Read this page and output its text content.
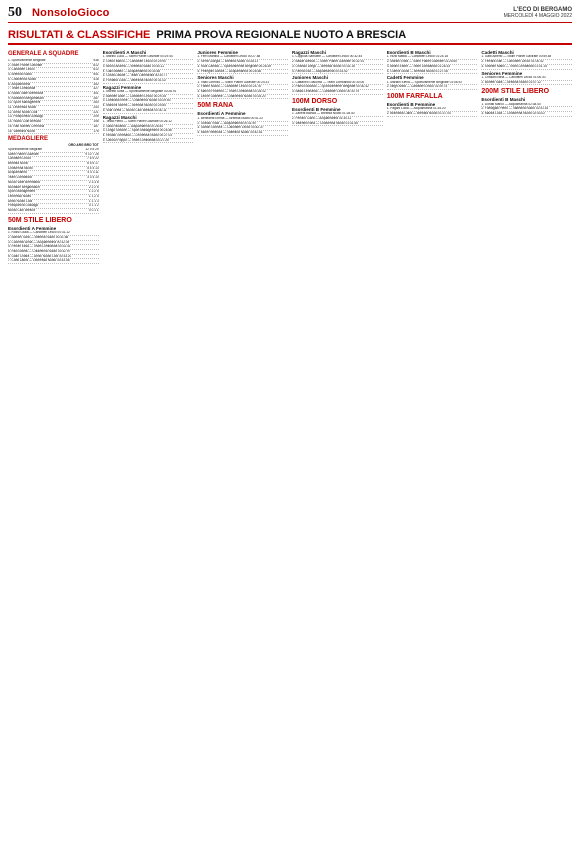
50 NonsoloGioco	L'ECO DI BERGAMO
MERCOLEDÌ 4 MAGGIO 2022
RISULTATI & CLASSIFICHE PRIMA PROVA REGIONALE NUOTO A BRESCIA
GENERALE A SQUADRE
1. Sportivamente Belgirate	938
2. Swim Planet Gavirate	812
3. Canottieri Lecco	612
4. Brebbia Nuoto	541
5. Chiavenna Nuoto	418
6. Acquamarina	352
7. Team Lombardia	327
8. Nuoto Valle Brembana	301
9. Nuotatori Bergamaschi	287
10. Sport Management	260
11. Leonessa Nuoto	244
12. Amici Nuoto Lodi	221
13. Polisportiva Gussago	209
14. Nuoto Club Brescia	198
15. Rari Nantes Cremona	187
16. Valtellina Nuoto	176
MEDAGLIERE
ORO ARG BRO TOT
Sportivamente Belgirate	12 9 8 29
Swim Planet Gavirate	9 10 7 26
Canottieri Lecco	7 6 9 22
Brebbia Nuoto	6 5 6 17
Chiavenna Nuoto	5 4 4 13
Acquamarina	4 4 3 11
Team Lombardia	3 3 4 10
Nuoto Valle Brembana	2 3 3 8
Nuotatori Bergamaschi	2 2 2 6
Sport Management	1 2 2 5
Leonessa Nuoto	1 1 2 4
Amici Nuoto Lodi	1 1 1 3
Polisportiva Gussago	0 1 1 2
Nuoto Club Brescia	0 0 1 1
50M STILE LIBERO
Esordienti A Femmine
1. Rossi Giulia — Canottieri Lecco 00:31.12
2. Bianchi Sara — Brebbia Nuoto 00:31.88
3. Colombo Anna — Acquamarina 00:32.05
4. Ferrari Elisa — Team Lombardia 00:32.41
5. Ricci Marta — Chiavenna Nuoto 00:32.97
6. Gallo Chiara — Amici Nuoto Lodi 00:33.20
7. Conti Laura — Leonessa Nuoto 00:33.56
Esordienti A Maschi
1. Marino Luca — Swim Planet Gavirate 00:29.44
2. Greco Marco — Canottieri Lecco 00:29.90
3. Bruno Andrea — Brebbia Nuoto 00:30.12
4. Galli Matteo — Acquamarina 00:30.48
5. Costa Davide — Team Lombardia 00:30.77
6. Fontana Luca — Valtellina Nuoto 00:31.02
Ragazzi Femmine
1. Moretti Sofia — Sportivamente Belgirate 00:28.91
2. Barbieri Alice — Canottieri Lecco 00:29.35
3. Lombardi Irene — Chiavenna Nuoto 00:29.60
4. Mancini Noemi — Brebbia Nuoto 00:29.84
5. Villa Greta — Nuoto Club Brescia 00:30.11
Ragazzi Maschi
1. Testa Pietro — Swim Planet Gavirate 00:26.12
2. Sala Riccardo — Acquamarina 00:26.54
3. Longo Simone — Sport Management 00:26.80
4. Rinaldi Tommaso — Leonessa Nuoto 00:27.03
5. Caruso Filippo — Team Lombardia 00:27.25
Juniores Femmine
1. Ferri Martina — Canottieri Lecco 00:27.88
2. Serra Giorgia — Brebbia Nuoto 00:28.14
3. Riva Camilla — Sportivamente Belgirate 00:28.39
4. Pellegrini Aurora — Acquamarina 00:28.66
Seniores Maschi
1. Vitali Lorenzo — Swim Planet Gavirate 00:24.31
2. Fabbri Nicolò — Canottieri Lecco 00:24.76
3. Marchi Federico — Team Lombardia 00:25.02
4. Leone Gabriele — Chiavenna Nuoto 00:25.20
50M RANA
Esordienti A Femmine
1. Benedetti Emma — Brebbia Nuoto 00:41.22
2. Grasso Viola — Acquamarina 00:41.90
3. Sartori Ginevra — Canottieri Lecco 00:42.37
4. Monti Rebecca — Valtellina Nuoto 00:42.81
Ragazzi Maschi
1. Coppola Samuele — Canottieri Lecco 00:32.44
2. Basile Alessio — Swim Planet Gavirate 00:32.91
3. Orlando Diego — Brebbia Nuoto 00:33.18
4. Farina Elia — Acquamarina 00:33.52
Juniores Maschi
1. Cattaneo Giacomo — Team Lombardia 00:30.06
2. Parisi Edoardo — Sportivamente Belgirate 00:30.42
3. Bassi Leonardo — Canottieri Lecco 00:30.79
100M DORSO
Esordienti B Femmine
1. Zanetti Bianca — Brebbia Nuoto 01:28.40
2. Ferraro Clara — Acquamarina 01:30.12
3. Valentini Nina — Chiavenna Nuoto 01:31.55
Esordienti B Maschi
1. Rizzi Mattia — Canottieri Lecco 01:24.18
2. Martini Enea — Swim Planet Gavirate 01:25.60
3. Bellini Ettore — Team Lombardia 01:26.33
4. Guerra Giulio — Brebbia Nuoto 01:27.08
Cadetti Femmine
1. Mariani Elena — Sportivamente Belgirate 01:08.92
2. Negri Anita — Canottieri Lecco 01:09.74
100M FARFALLA
Esordienti B Femmine
1. Pagani Lucia — Acquamarina 01:35.20
2. Brambilla Carla — Brebbia Nuoto 01:37.04
Cadetti Maschi
1. Gatti Alberto — Swim Planet Gavirate 00:59.88
2. Ferrara Ivan — Canottieri Lecco 01:00.42
3. Silvestri Mario — Team Lombardia 01:01.15
Seniores Femmine
1. Cristiani Ilaria — Canottieri Lecco 01:06.30
2. Bonetti Sara — Brebbia Nuoto 01:07.12
200M STILE LIBERO
Esordienti B Maschi
1. Donati Marco — Acquamarina 02:38.40
2. Fumagalli Pietro — Valtellina Nuoto 02:41.16
3. Mazza Luca — Chiavenna Nuoto 02:43.02
